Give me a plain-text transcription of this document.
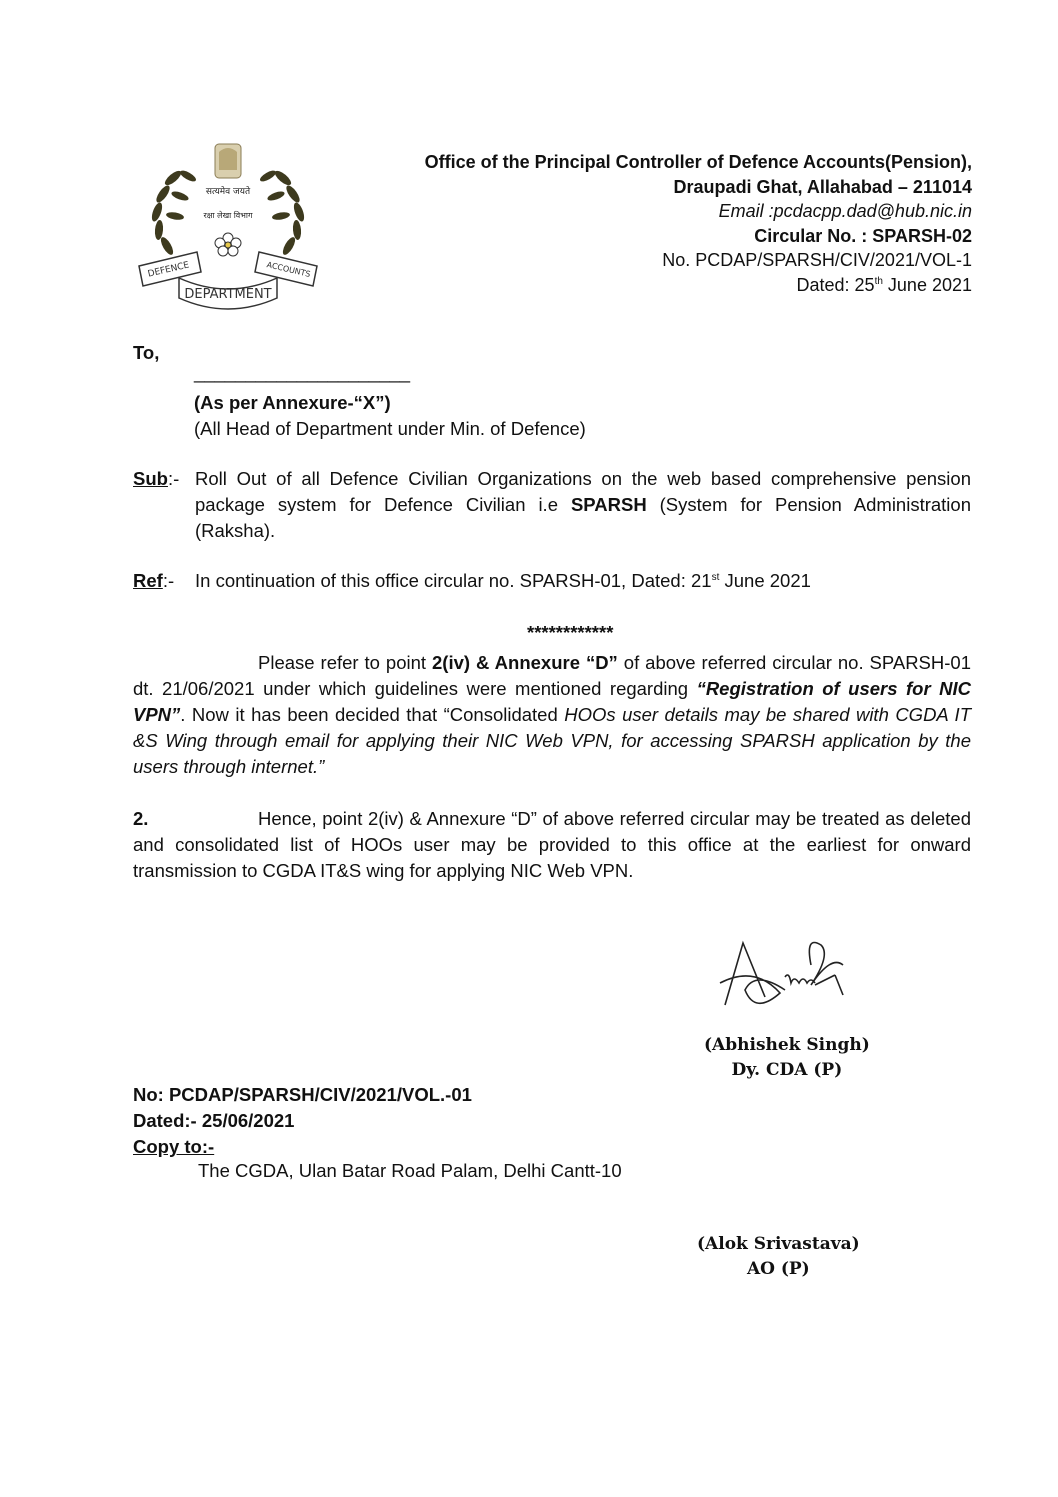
सत्यमेव जयते
रक्षा लेखा विभाग
DEFENCE	ACCOUNTS
DEPARTMENT
Office of the Principal Controller of Defence Accounts(Pension),
Draupadi Ghat, Allahabad – 211014
Email :pcdacpp.dad@hub.nic.in
Circular No. : SPARSH-02
No. PCDAP/SPARSH/CIV/2021/VOL-1
Dated: 25th June 2021
To,
_____________________
(As per Annexure-“X”)
(All Head of Department under Min. of Defence)
Sub:- Roll Out of all Defence Civilian Organizations on the web based comprehensive pension package system for Defence Civilian i.e SPARSH (System for Pension Administration (Raksha).
Ref:-	In continuation of this office circular no. SPARSH-01, Dated: 21st June 2021
************
Please refer to point 2(iv) & Annexure “D” of above referred circular no. SPARSH-01 dt. 21/06/2021 under which guidelines were mentioned regarding “Registration of users for NIC VPN”. Now it has been decided that “Consolidated HOOs user details may be shared with CGDA IT &S Wing through email for applying their NIC Web VPN, for accessing SPARSH application by the users through internet.”
2.	Hence, point 2(iv) & Annexure “D” of above referred circular may be treated as deleted and consolidated list of HOOs user may be provided to this office at the earliest for onward transmission to CGDA IT&S wing for applying NIC Web VPN.
(Abhishek Singh)
Dy. CDA (P)
No: PCDAP/SPARSH/CIV/2021/VOL.-01
Dated:- 25/06/2021
Copy to:-
The CGDA, Ulan Batar Road Palam, Delhi Cantt-10
(Alok Srivastava)
AO (P)
